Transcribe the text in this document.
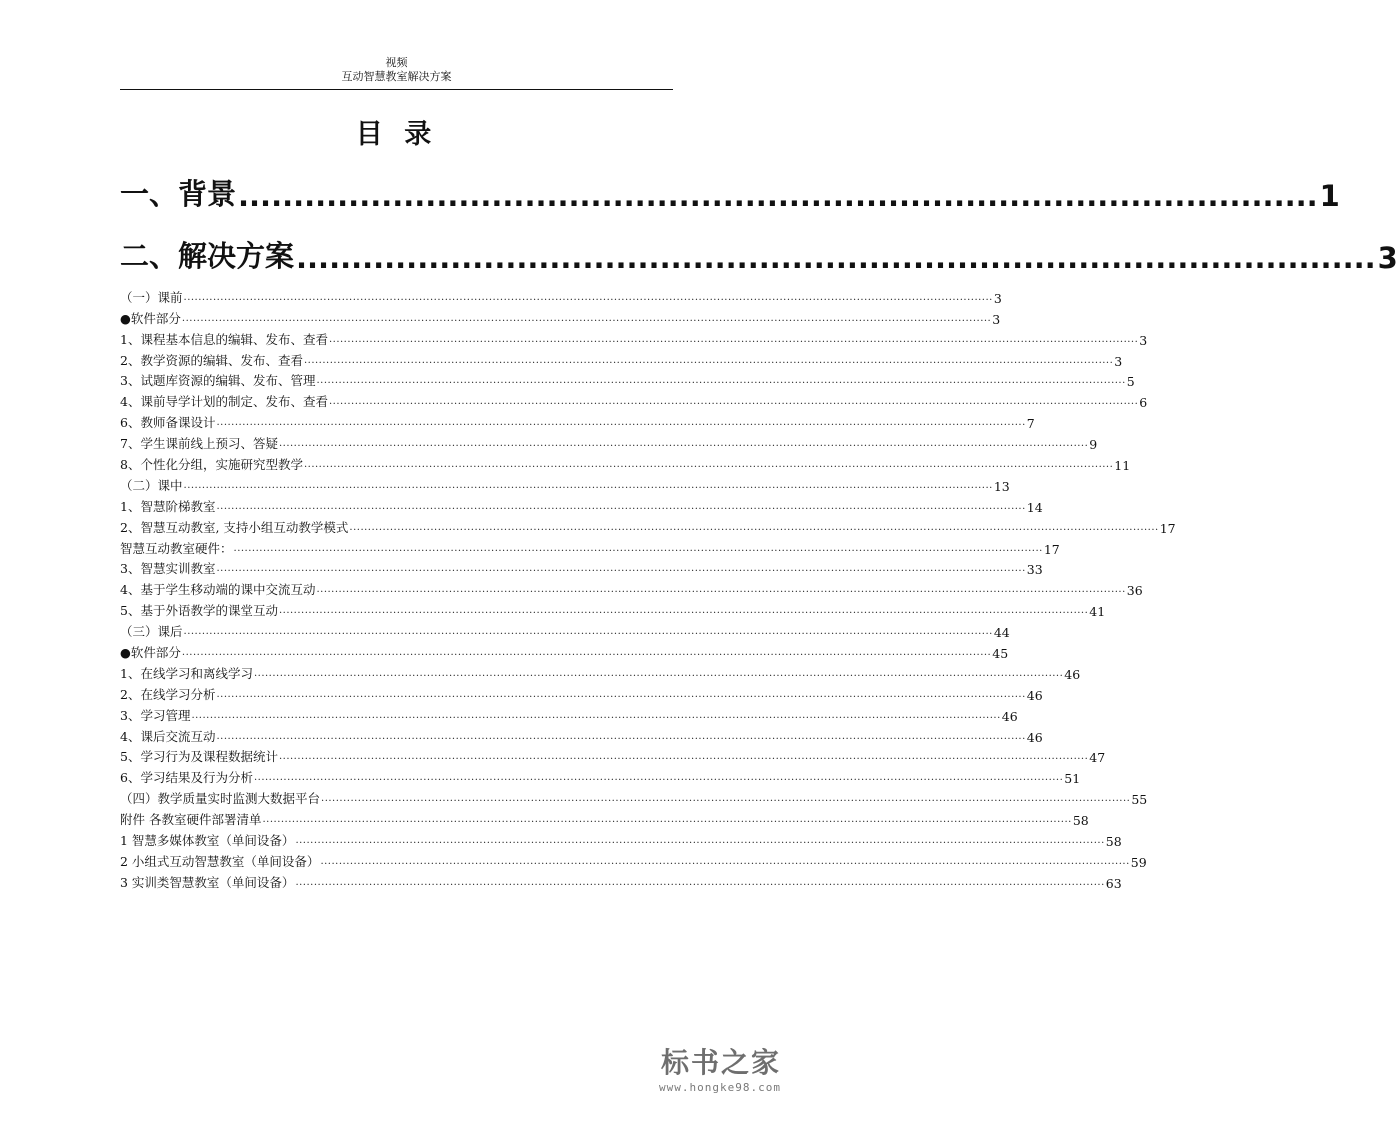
视频
互动智慧教室解决方案
目 录
一、背景 .................................................................................................. 1
二、解决方案 .................................................................................................. 3
（一）课前 ............................................................................................................................................................................................................................ 3
●软件部分 ............................................................................................................................................................................................................................ 3
1、课程基本信息的编辑、发布、查看 ............................................................................................................................................................................................................................ 3
2、教学资源的编辑、发布、查看 ............................................................................................................................................................................................................................ 3
3、试题库资源的编辑、发布、管理 ............................................................................................................................................................................................................................ 5
4、课前导学计划的制定、发布、查看 ............................................................................................................................................................................................................................ 6
6、教师备课设计 ............................................................................................................................................................................................................................ 7
7、学生课前线上预习、答疑 ............................................................................................................................................................................................................................ 9
8、个性化分组，实施研究型教学 ............................................................................................................................................................................................................................ 11
（二）课中 ............................................................................................................................................................................................................................ 13
1、智慧阶梯教室 ............................................................................................................................................................................................................................ 14
2、智慧互动教室, 支持小组互动教学模式 ............................................................................................................................................................................................................................ 17
智慧互动教室硬件： ............................................................................................................................................................................................................................ 17
3、智慧实训教室 ............................................................................................................................................................................................................................ 33
4、基于学生移动端的课中交流互动 ............................................................................................................................................................................................................................ 36
5、基于外语教学的课堂互动 ............................................................................................................................................................................................................................ 41
（三）课后 ............................................................................................................................................................................................................................ 44
●软件部分 ............................................................................................................................................................................................................................ 45
1、在线学习和离线学习 ............................................................................................................................................................................................................................ 46
2、在线学习分析 ............................................................................................................................................................................................................................ 46
3、学习管理 ............................................................................................................................................................................................................................ 46
4、课后交流互动 ............................................................................................................................................................................................................................ 46
5、学习行为及课程数据统计 ............................................................................................................................................................................................................................ 47
6、学习结果及行为分析 ............................................................................................................................................................................................................................ 51
（四）教学质量实时监测大数据平台 ............................................................................................................................................................................................................................ 55
附件 各教室硬件部署清单 ............................................................................................................................................................................................................................ 58
1 智慧多媒体教室（单间设备） ............................................................................................................................................................................................................................ 58
2 小组式互动智慧教室（单间设备） ............................................................................................................................................................................................................................ 59
3 实训类智慧教室（单间设备） ............................................................................................................................................................................................................................ 63
标书之家
www.hongke98.com
